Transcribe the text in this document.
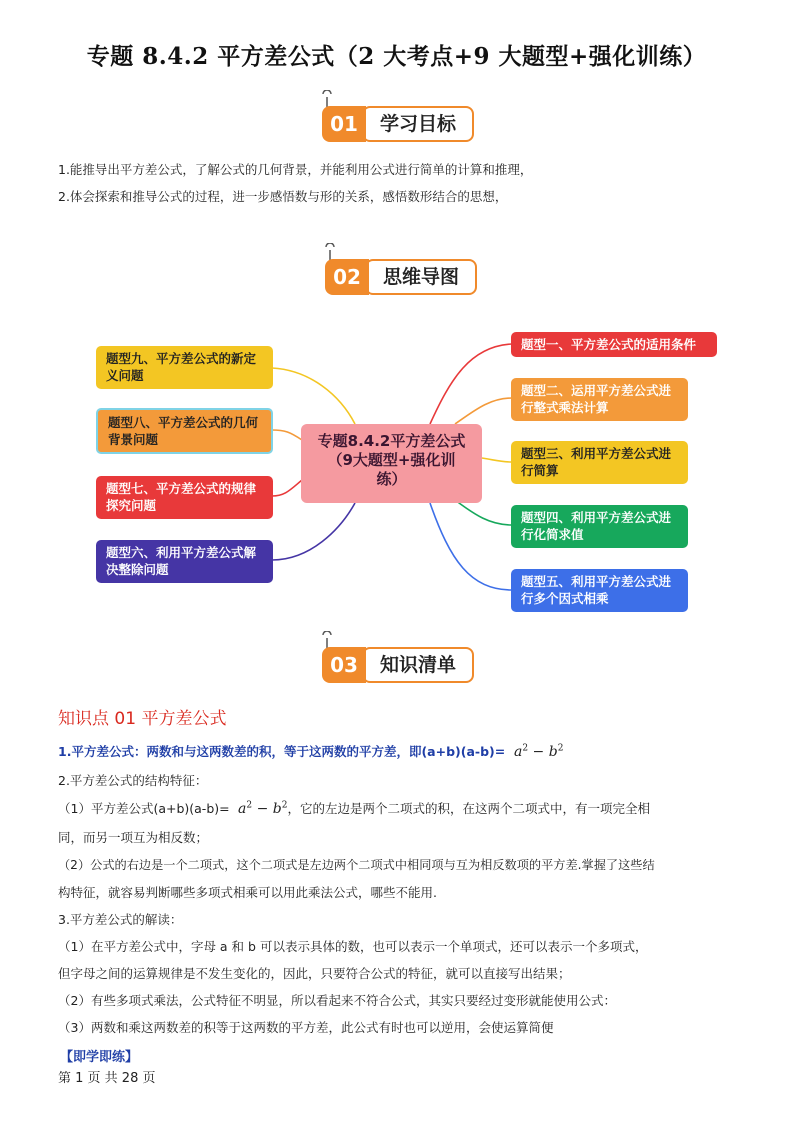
专题 8.4.2 平方差公式（2 大考点+9 大题型+强化训练）
学习目标
01
1.能推导出平方差公式，了解公式的几何背景，并能利用公式进行简单的计算和推理，
2.体会探索和推导公式的过程，进一步感悟数与形的关系，感悟数形结合的思想，
思维导图
02
专题8.4.2平方差公式（9大题型+强化训练）
题型一、平方差公式的适用条件
题型二、运用平方差公式进行整式乘法计算
题型三、利用平方差公式进行简算
题型四、利用平方差公式进行化简求值
题型五、利用平方差公式进行多个因式相乘
题型六、利用平方差公式解决整除问题
题型七、平方差公式的规律探究问题
题型八、平方差公式的几何背景问题
题型九、平方差公式的新定义问题
知识清单
03
知识点 01 平方差公式
1.平方差公式：两数和与这两数差的积，等于这两数的平方差，即$(a+b)(a-b)= a^2 - b^2$
2.平方差公式的结构特征：
（1）平方差公式$(a+b)(a-b)= a^2 - b^2$，它的左边是两个二项式的积，在这两个二项式中，有一项完全相
同，而另一项互为相反数；
（2）公式的右边是一个二项式，这个二项式是左边两个二项式中相同项与互为相反数项的平方差.掌握了这些结
构特征，就容易判断哪些多项式相乘可以用此乘法公式，哪些不能用.
3.平方差公式的解读：
（1）在平方差公式中，字母 a 和 b 可以表示具体的数，也可以表示一个单项式，还可以表示一个多项式，
但字母之间的运算规律是不发生变化的，因此，只要符合公式的特征，就可以直接写出结果；
（2）有些多项式乘法，公式特征不明显，所以看起来不符合公式，其实只要经过变形就能使用公式：
（3）两数和乘这两数差的积等于这两数的平方差，此公式有时也可以逆用，会使运算简便
【即学即练】
第 1 页 共 28 页
